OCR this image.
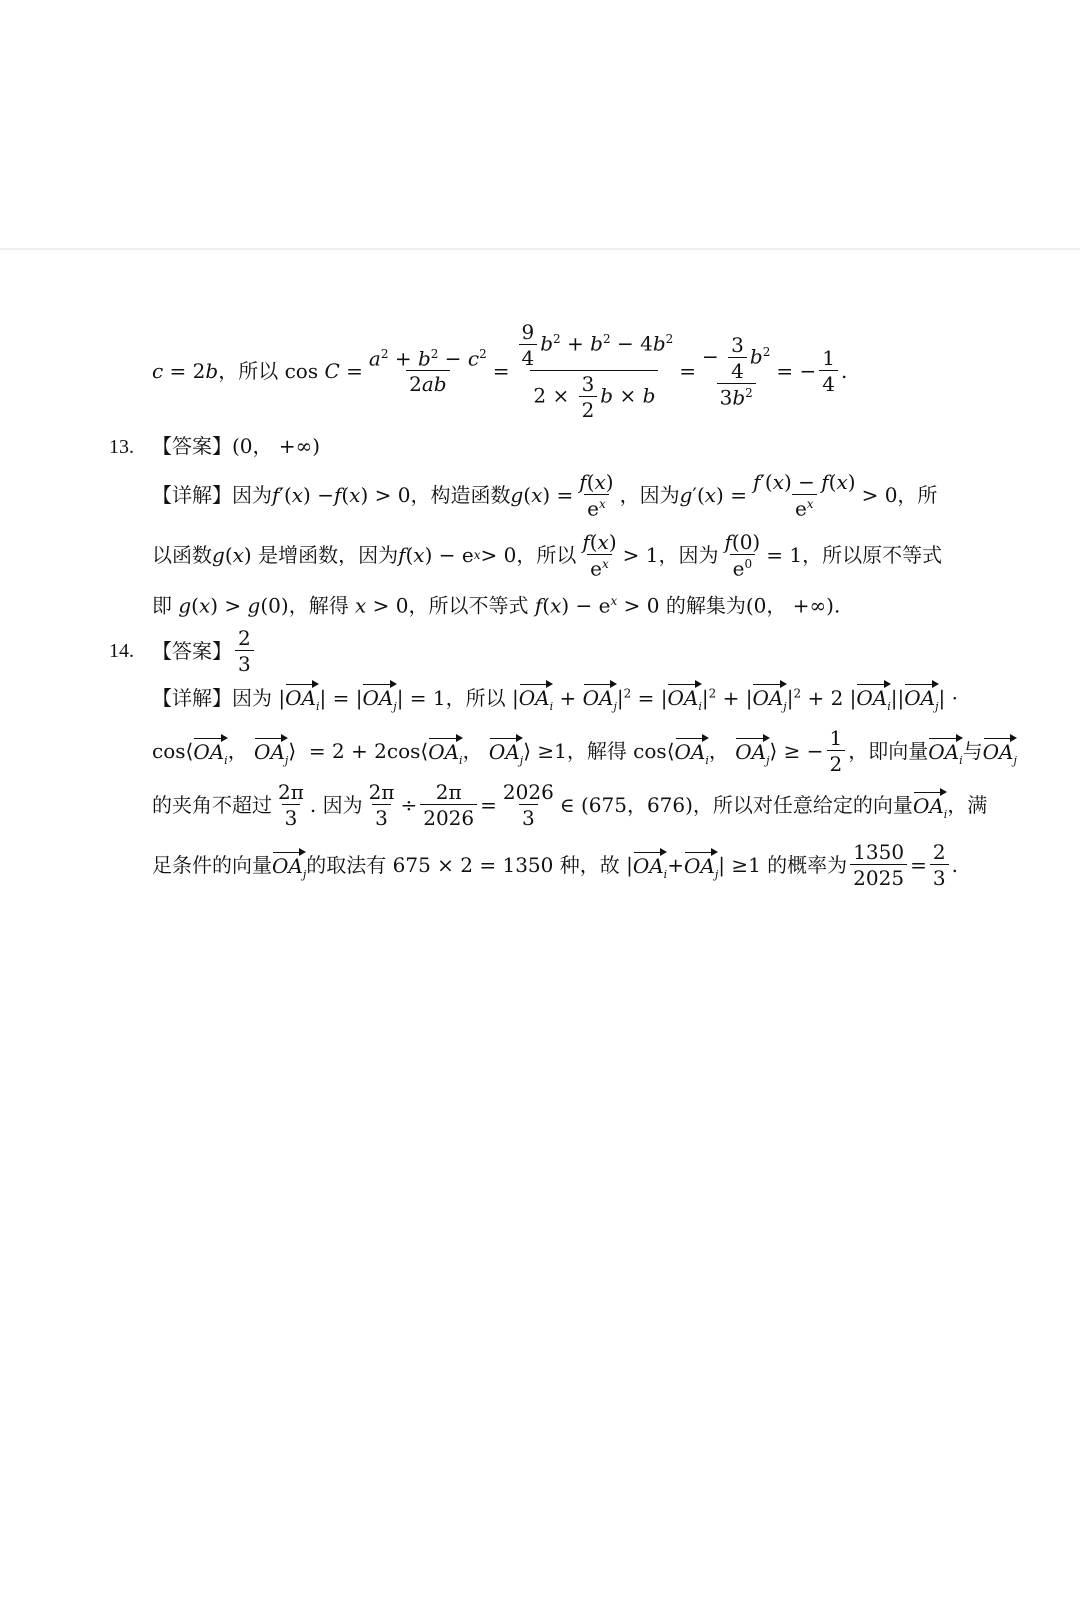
c = 2 b ，所以 $\cos C = \frac{a^2 + b^2 - c^2}{2ab} = \frac{\frac{9}{4} b^2 + b^2 - 4b^2}{2 \times \frac{3}{2} b \times b} = \frac{- \frac{3}{4} b^2}{3b^2}$ = − $\frac{1}{4}$ .
13. 【答案】(0， +∞)
【详解】因为 f ′( x ) − f ( x ) > 0，构造函数 g ( x ) = $\frac{f(x)}{e^x}$ ，因为 g ′( x ) = $\frac{f'(x) - f(x)}{e^x} > 0$，所
以函数 g ( x ) 是增函数，因为 f ( x ) − e x > 0，所以 $\frac{f(x)}{e^x} > 1$，因为 $\frac{f(0)}{e^0} = 1$，所以原不等式
即 g(x) > g(0)，解得 x > 0，所以不等式 $f(x) - e^x > 0$ 的解集为(0， +∞).
14. 【答案】 $\frac{2}{3}$
【详解】因为 $|OA_i| = |OA_j| = 1$，所以 $|OA_i + OA_j|^2 = |OA_i|^2 + |OA_j|^2 + 2$ $|OA_i||OA_j|$ ·
cos⟨ $OA_i$ ， $OA_j$ ⟩  = 2 + 2cos⟨ $OA_i$ ， $OA_j$ ⟩ ≥1，解得 cos⟨ $OA_i$ ， $OA_j$ ⟩ ≥ − $\frac{1}{2}$ ，即向量 $OA_i$ 与 $OA_j$
的夹角不超过 $\frac{2\pi}{3}$ . 因为 $\frac{2\pi}{3} \div \frac{2\pi}{2026} = \frac{2026}{3}$ ∈ (675，676)，所以对任意给定的向量 $OA_i$ ，满
足条件的向量 $OA_j$ 的取法有 675 × 2 = 1350 种，故 | $OA_i + OA_j$ | ≥1 的概率为 $\frac{1350}{2025} = \frac{2}{3}$ .
